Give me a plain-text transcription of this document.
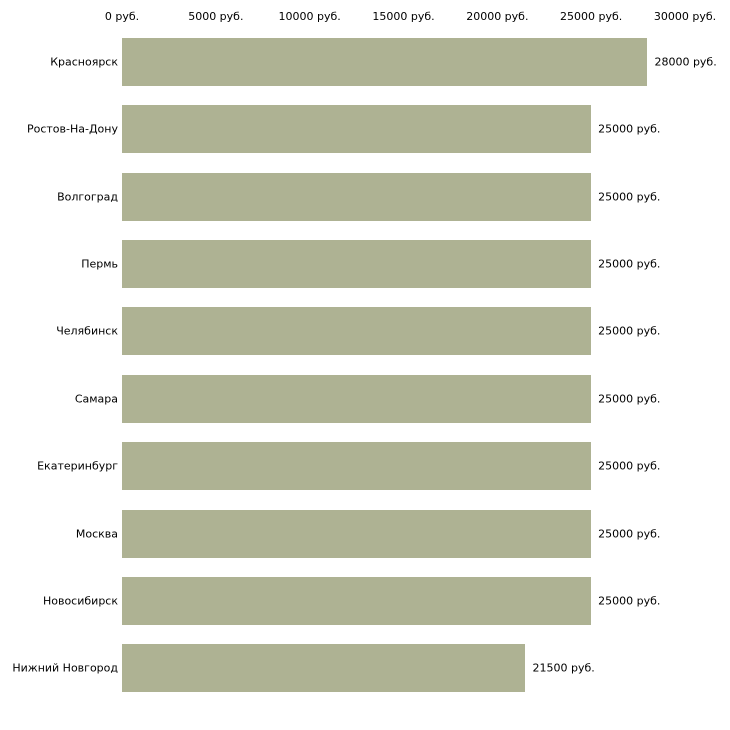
0 руб.	5000 руб.	10000 руб.	15000 руб.	20000 руб.	25000 руб.	30000 руб.
Красноярск	28000 руб.
Ростов-На-Дону	25000 руб.
Волгоград	25000 руб.
Пермь	25000 руб.
Челябинск	25000 руб.
Самара	25000 руб.
Екатеринбург	25000 руб.
Москва	25000 руб.
Новосибирск	25000 руб.
Нижний Новгород	21500 руб.
